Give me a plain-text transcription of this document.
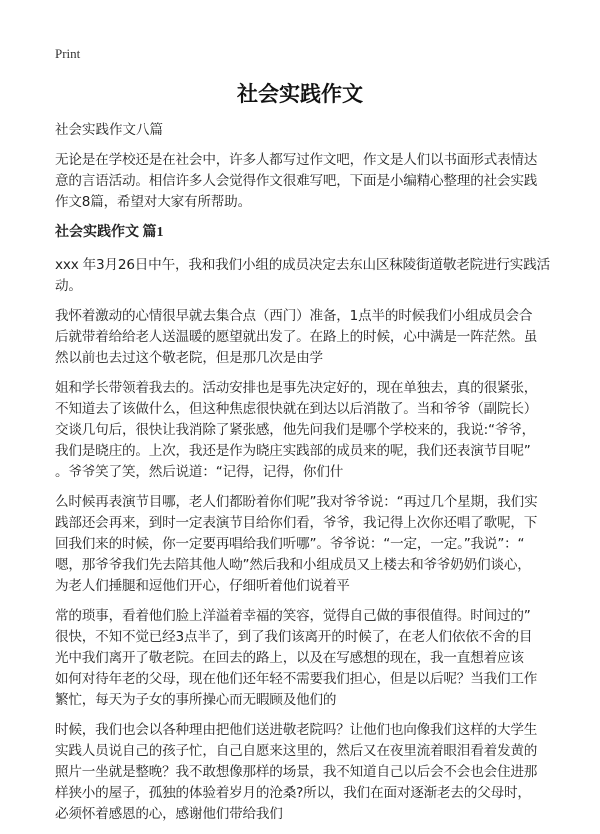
Print
社会实践作文
社会实践作文八篇
无论是在学校还是在社会中，许多人都写过作文吧，作文是人们以书面形式表情达
意的言语活动。相信许多人会觉得作文很难写吧，下面是小编精心整理的社会实践
作文8篇，希望对大家有所帮助。
社会实践作文 篇1
xxx 年3月26日中午，我和我们小组的成员决定去东山区秣陵街道敬老院进行实践活
动。
我怀着激动的心情很早就去集合点（西门）准备，1点半的时候我们小组成员会合
后就带着给给老人送温暖的愿望就出发了。在路上的时候，心中满是一阵茫然。虽
然以前也去过这个敬老院，但是那几次是由学
姐和学长带领着我去的。活动安排也是事先决定好的，现在单独去，真的很紧张，
不知道去了该做什么，但这种焦虑很快就在到达以后消散了。当和爷爷（副院长）
交谈几句后，很快让我消除了紧张感，他先问我们是哪个学校来的，我说:“爷爷，
我们是晓庄的。上次，我还是作为晓庄实践部的成员来的呢，我们还表演节目呢”
。爷爷笑了笑，然后说道：“记得，记得，你们什
么时候再表演节目哪，老人们都盼着你们呢”我对爷爷说：“再过几个星期，我们实
践部还会再来，到时一定表演节目给你们看，爷爷，我记得上次你还唱了歌呢，下
回我们来的时候，你一定要再唱给我们听哪”。爷爷说：“一定，一定。”我说”：“
嗯，那爷爷我们先去陪其他人呦”然后我和小组成员又上楼去和爷爷奶奶们谈心，
为老人们捶腿和逗他们开心，仔细听着他们说着平
常的琐事，看着他们脸上洋溢着幸福的笑容，觉得自己做的事很值得。时间过的”
很快，不知不觉已经3点半了，到了我们该离开的时候了，在老人们依依不舍的目
光中我们离开了敬老院。在回去的路上，以及在写感想的现在，我一直想着应该
如何对待年老的父母，现在他们还年轻不需要我们担心，但是以后呢？当我们工作
繁忙，每天为子女的事所操心而无暇顾及他们的
时候，我们也会以各种理由把他们送进敬老院吗？让他们也向像我们这样的大学生
实践人员说自己的孩子忙，自己自愿来这里的，然后又在夜里流着眼泪看着发黄的
照片一坐就是整晚？我不敢想像那样的场景，我不知道自己以后会不会也会住进那
样狭小的屋子，孤独的体验着岁月的沧桑?所以，我们在面对逐渐老去的父母时，
必须怀着感恩的心，感谢他们带给我们
